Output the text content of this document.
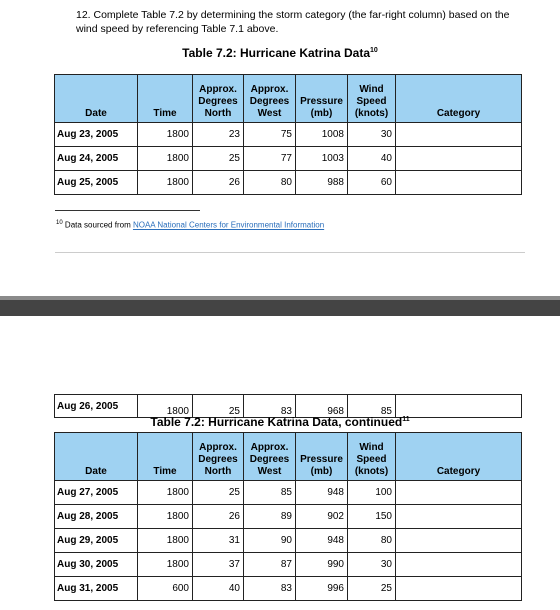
12. Complete Table 7.2 by determining the storm category (the far-right column) based on the wind speed by referencing Table 7.1 above.
Table 7.2: Hurricane Katrina Data$^{10}$
Date	Time	Approx. Degrees North	Approx. Degrees West	Pressure (mb)	Wind Speed (knots)	Category
Aug 23, 2005	1800	23	75	1008	30	
Aug 24, 2005	1800	25	77	1003	40	
Aug 25, 2005	1800	26	80	988	60	
$^{10}$ Data sourced from NOAA National Centers for Environmental Information
Aug 26, 2005	1800	25	83	968	85	
Table 7.2: Hurricane Katrina Data, continued$^{11}$
Date	Time	Approx. Degrees North	Approx. Degrees West	Pressure (mb)	Wind Speed (knots)	Category
Aug 27, 2005	1800	25	85	948	100	
Aug 28, 2005	1800	26	89	902	150	
Aug 29, 2005	1800	31	90	948	80	
Aug 30, 2005	1800	37	87	990	30	
Aug 31, 2005	600	40	83	996	25	
